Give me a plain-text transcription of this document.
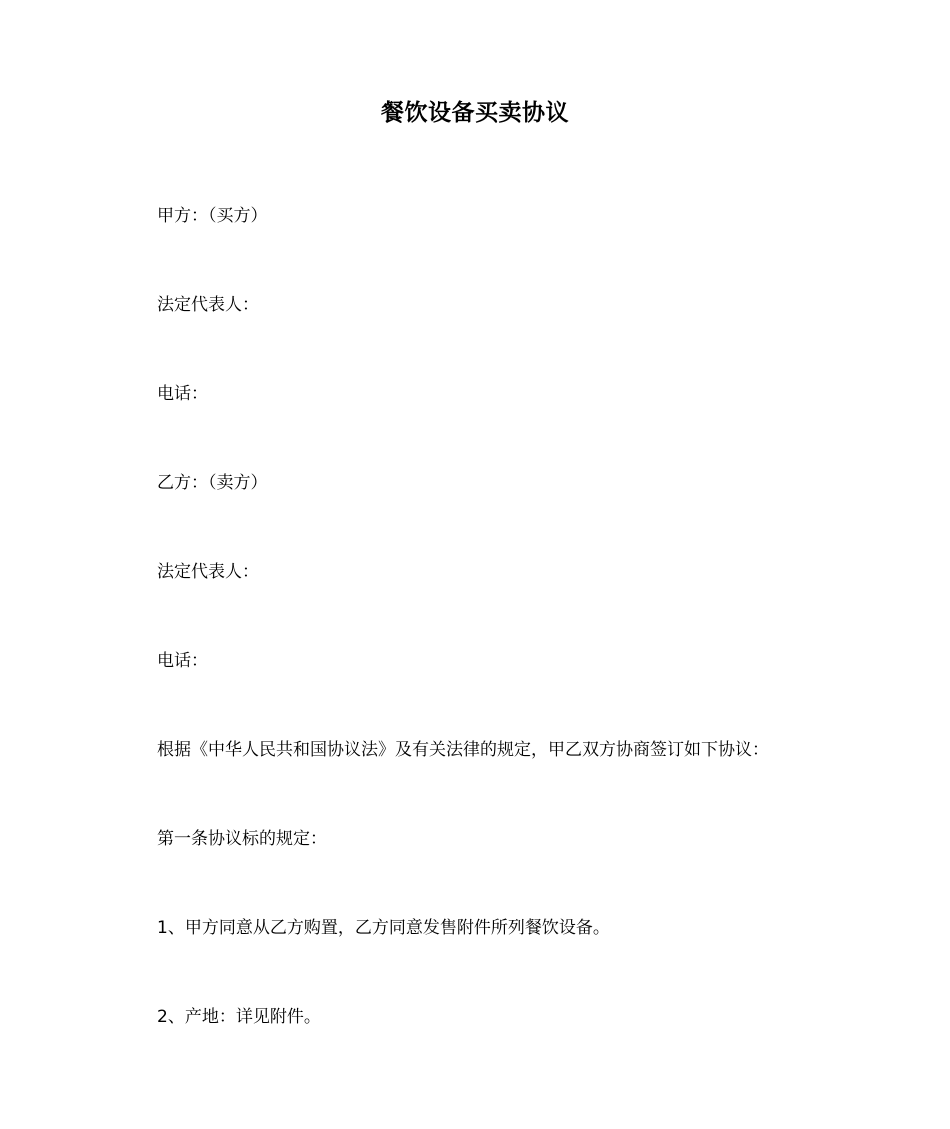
餐饮设备买卖协议
甲方：（买方）
法定代表人：
电话：
乙方：（卖方）
法定代表人：
电话：
根据《中华人民共和国协议法》及有关法律的规定，甲乙双方协商签订如下协议：
第一条协议标的规定：
1、甲方同意从乙方购置，乙方同意发售附件所列餐饮设备。
2、产地：详见附件。
